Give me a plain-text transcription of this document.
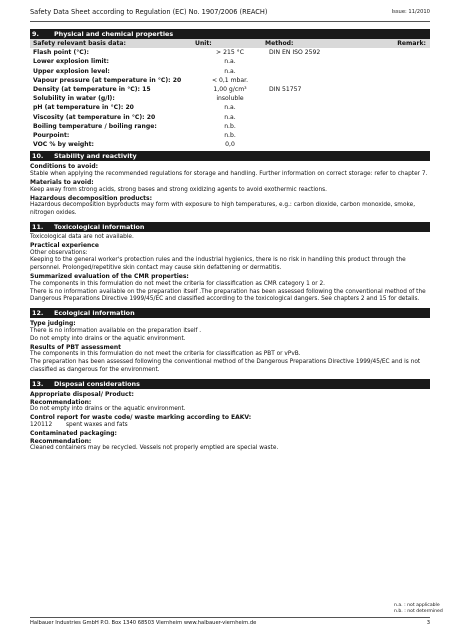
Safety Data Sheet according to Regulation (EC) No. 1907/2006 (REACH)	Issue: 11/2010
9. Physical and chemical properties
Safety relevant basis data:	Unit:	Method:	Remark:
Flash point (°C):	> 215 °C	DIN EN ISO 2592	
Lower explosion limit:	n.a.		
Upper explosion level:	n.a.		
Vapour pressure (at temperature in °C): 20	< 0,1 mbar.		
Density (at temperature in °C): 15	1,00 g/cm³	DIN 51757	
Solubility in water (g/l):	insoluble		
pH (at temperature in °C): 20	n.a.		
Viscosity (at temperature in °C): 20	n.a.		
Boiling temperature / boiling range:	n.b.		
Pourpoint:	n.b.		
VOC % by weight:	0,0		
10. Stability and reactivity
Conditions to avoid:
Stable when applying the recommended regulations for storage and handling. Further information on correct storage: refer to chapter 7.
Materials to avoid:
Keep away from strong acids, strong bases and strong oxidizing agents to avoid exothermic reactions.
Hazardous decomposition products:
Hazardous decomposition byproducts may form with exposure to high temperatures, e.g.: carbon dioxide, carbon monoxide, smoke, nitrogen oxides.
11. Toxicological information
Toxicological data are not available.
Practical experience
Other observations:
Keeping to the general worker's protection rules and the industrial hygienics, there is no risk in handling this product through the personnel. Prolonged/repetitive skin contact may cause skin defattening or dermatitis.
Summarized evaluation of the CMR properties:
The components in this formulation do not meet the criteria for classification as CMR category 1 or 2.
There is no information available on the preparation itself .The preparation has been assessed following the conventional method of the Dangerous Preparations Directive 1999/45/EC and classified according to the toxicological dangers. See chapters 2 and 15 for details.
12. Ecological information
Type judging:
There is no information available on the preparation itself .
Do not empty into drains or the aquatic environment.
Results of PBT assessment
The components in this formulation do not meet the criteria for classification as PBT or vPvB.
The preparation has been assessed following the conventional method of the Dangerous Preparations Directive 1999/45/EC and is not classified as dangerous for the environment.
13. Disposal considerations
Appropriate disposal/ Product:
Recommendation:
Do not empty into drains or the aquatic environment.
Control report for waste code/ waste marking according to EAKV:
120112 spent waxes and fats
Contaminated packaging:
Recommendation:
Cleaned containers may be recycled. Vessels not properly emptied are special waste.
n.a. : not applicable
n.b. : not determined
Halbauer Industries GmbH P.O. Box 1340 68503 Viernheim www.halbauer-viernheim.de	3
